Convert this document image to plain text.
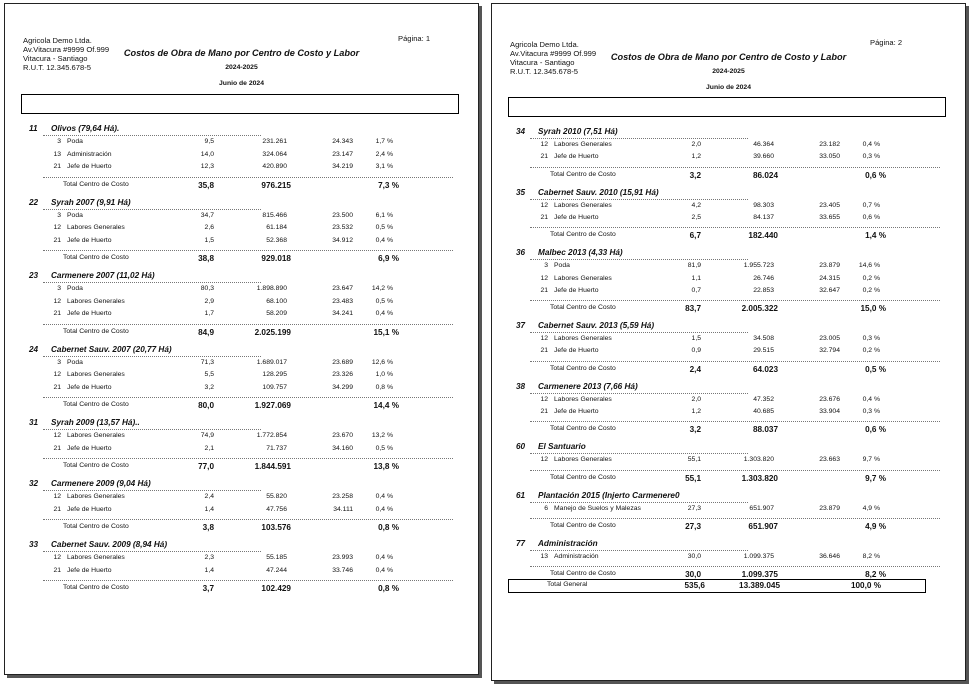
Agricola Demo Ltda.
Av.Vitacura #9999 Of.999
Vitacura - Santiago
R.U.T. 12.345.678-5
Página: 1
Costos de Obra de Mano por Centro de Costo y Labor
2024-2025
Junio de 2024

11 Olivos (79,64 Há).
3 Poda	9,5	231.261	24.343	1,7 %
13 Administración	14,0	324.064	23.147	2,4 %
21 Jefe de Huerto	12,3	420.890	34.219	3,1 %
Total Centro de Costo	35,8	976.215	7,3 %
22 Syrah 2007 (9,91 Há)
3 Poda	34,7	815.466	23.500	6,1 %
12 Labores Generales	2,6	61.184	23.532	0,5 %
21 Jefe de Huerto	1,5	52.368	34.912	0,4 %
Total Centro de Costo	38,8	929.018	6,9 %
23 Carmenere 2007 (11,02 Há)
3 Poda	80,3	1.898.890	23.647	14,2 %
12 Labores Generales	2,9	68.100	23.483	0,5 %
21 Jefe de Huerto	1,7	58.209	34.241	0,4 %
Total Centro de Costo	84,9	2.025.199	15,1 %
24 Cabernet Sauv. 2007 (20,77 Há)
3 Poda	71,3	1.689.017	23.689	12,6 %
12 Labores Generales	5,5	128.295	23.326	1,0 %
21 Jefe de Huerto	3,2	109.757	34.299	0,8 %
Total Centro de Costo	80,0	1.927.069	14,4 %
31 Syrah 2009 (13,57 Há)..
12 Labores Generales	74,9	1.772.854	23.670	13,2 %
21 Jefe de Huerto	2,1	71.737	34.160	0,5 %
Total Centro de Costo	77,0	1.844.591	13,8 %
32 Carmenere 2009 (9,04 Há)
12 Labores Generales	2,4	55.820	23.258	0,4 %
21 Jefe de Huerto	1,4	47.756	34.111	0,4 %
Total Centro de Costo	3,8	103.576	0,8 %
33 Cabernet Sauv. 2009 (8,94 Há)
12 Labores Generales	2,3	55.185	23.993	0,4 %
21 Jefe de Huerto	1,4	47.244	33.746	0,4 %
Total Centro de Costo	3,7	102.429	0,8 %
Agricola Demo Ltda.
Av.Vitacura #9999 Of.999
Vitacura - Santiago
R.U.T. 12.345.678-5
Página: 2
Costos de Obra de Mano por Centro de Costo y Labor
2024-2025
Junio de 2024

34 Syrah 2010 (7,51 Há)
12 Labores Generales	2,0	46.364	23.182	0,4 %
21 Jefe de Huerto	1,2	39.660	33.050	0,3 %
Total Centro de Costo	3,2	86.024	0,6 %
35 Cabernet Sauv. 2010 (15,91 Há)
12 Labores Generales	4,2	98.303	23.405	0,7 %
21 Jefe de Huerto	2,5	84.137	33.655	0,6 %
Total Centro de Costo	6,7	182.440	1,4 %
36 Malbec 2013 (4,33 Há)
3 Poda	81,9	1.955.723	23.879	14,6 %
12 Labores Generales	1,1	26.746	24.315	0,2 %
21 Jefe de Huerto	0,7	22.853	32.647	0,2 %
Total Centro de Costo	83,7	2.005.322	15,0 %
37 Cabernet Sauv. 2013 (5,59 Há)
12 Labores Generales	1,5	34.508	23.005	0,3 %
21 Jefe de Huerto	0,9	29.515	32.794	0,2 %
Total Centro de Costo	2,4	64.023	0,5 %
38 Carmenere 2013 (7,66 Há)
12 Labores Generales	2,0	47.352	23.676	0,4 %
21 Jefe de Huerto	1,2	40.685	33.904	0,3 %
Total Centro de Costo	3,2	88.037	0,6 %
60 El Santuario
12 Labores Generales	55,1	1.303.820	23.663	9,7 %
Total Centro de Costo	55,1	1.303.820	9,7 %
61 Plantación 2015 (Injerto Carmenere0
6 Manejo de Suelos y Malezas	27,3	651.907	23.879	4,9 %
Total Centro de Costo	27,3	651.907	4,9 %
77 Administración
13 Administración	30,0	1.099.375	36.646	8,2 %
Total Centro de Costo	30,0	1.099.375	8,2 %
Total General	535,6	13.389.045	100,0 %
